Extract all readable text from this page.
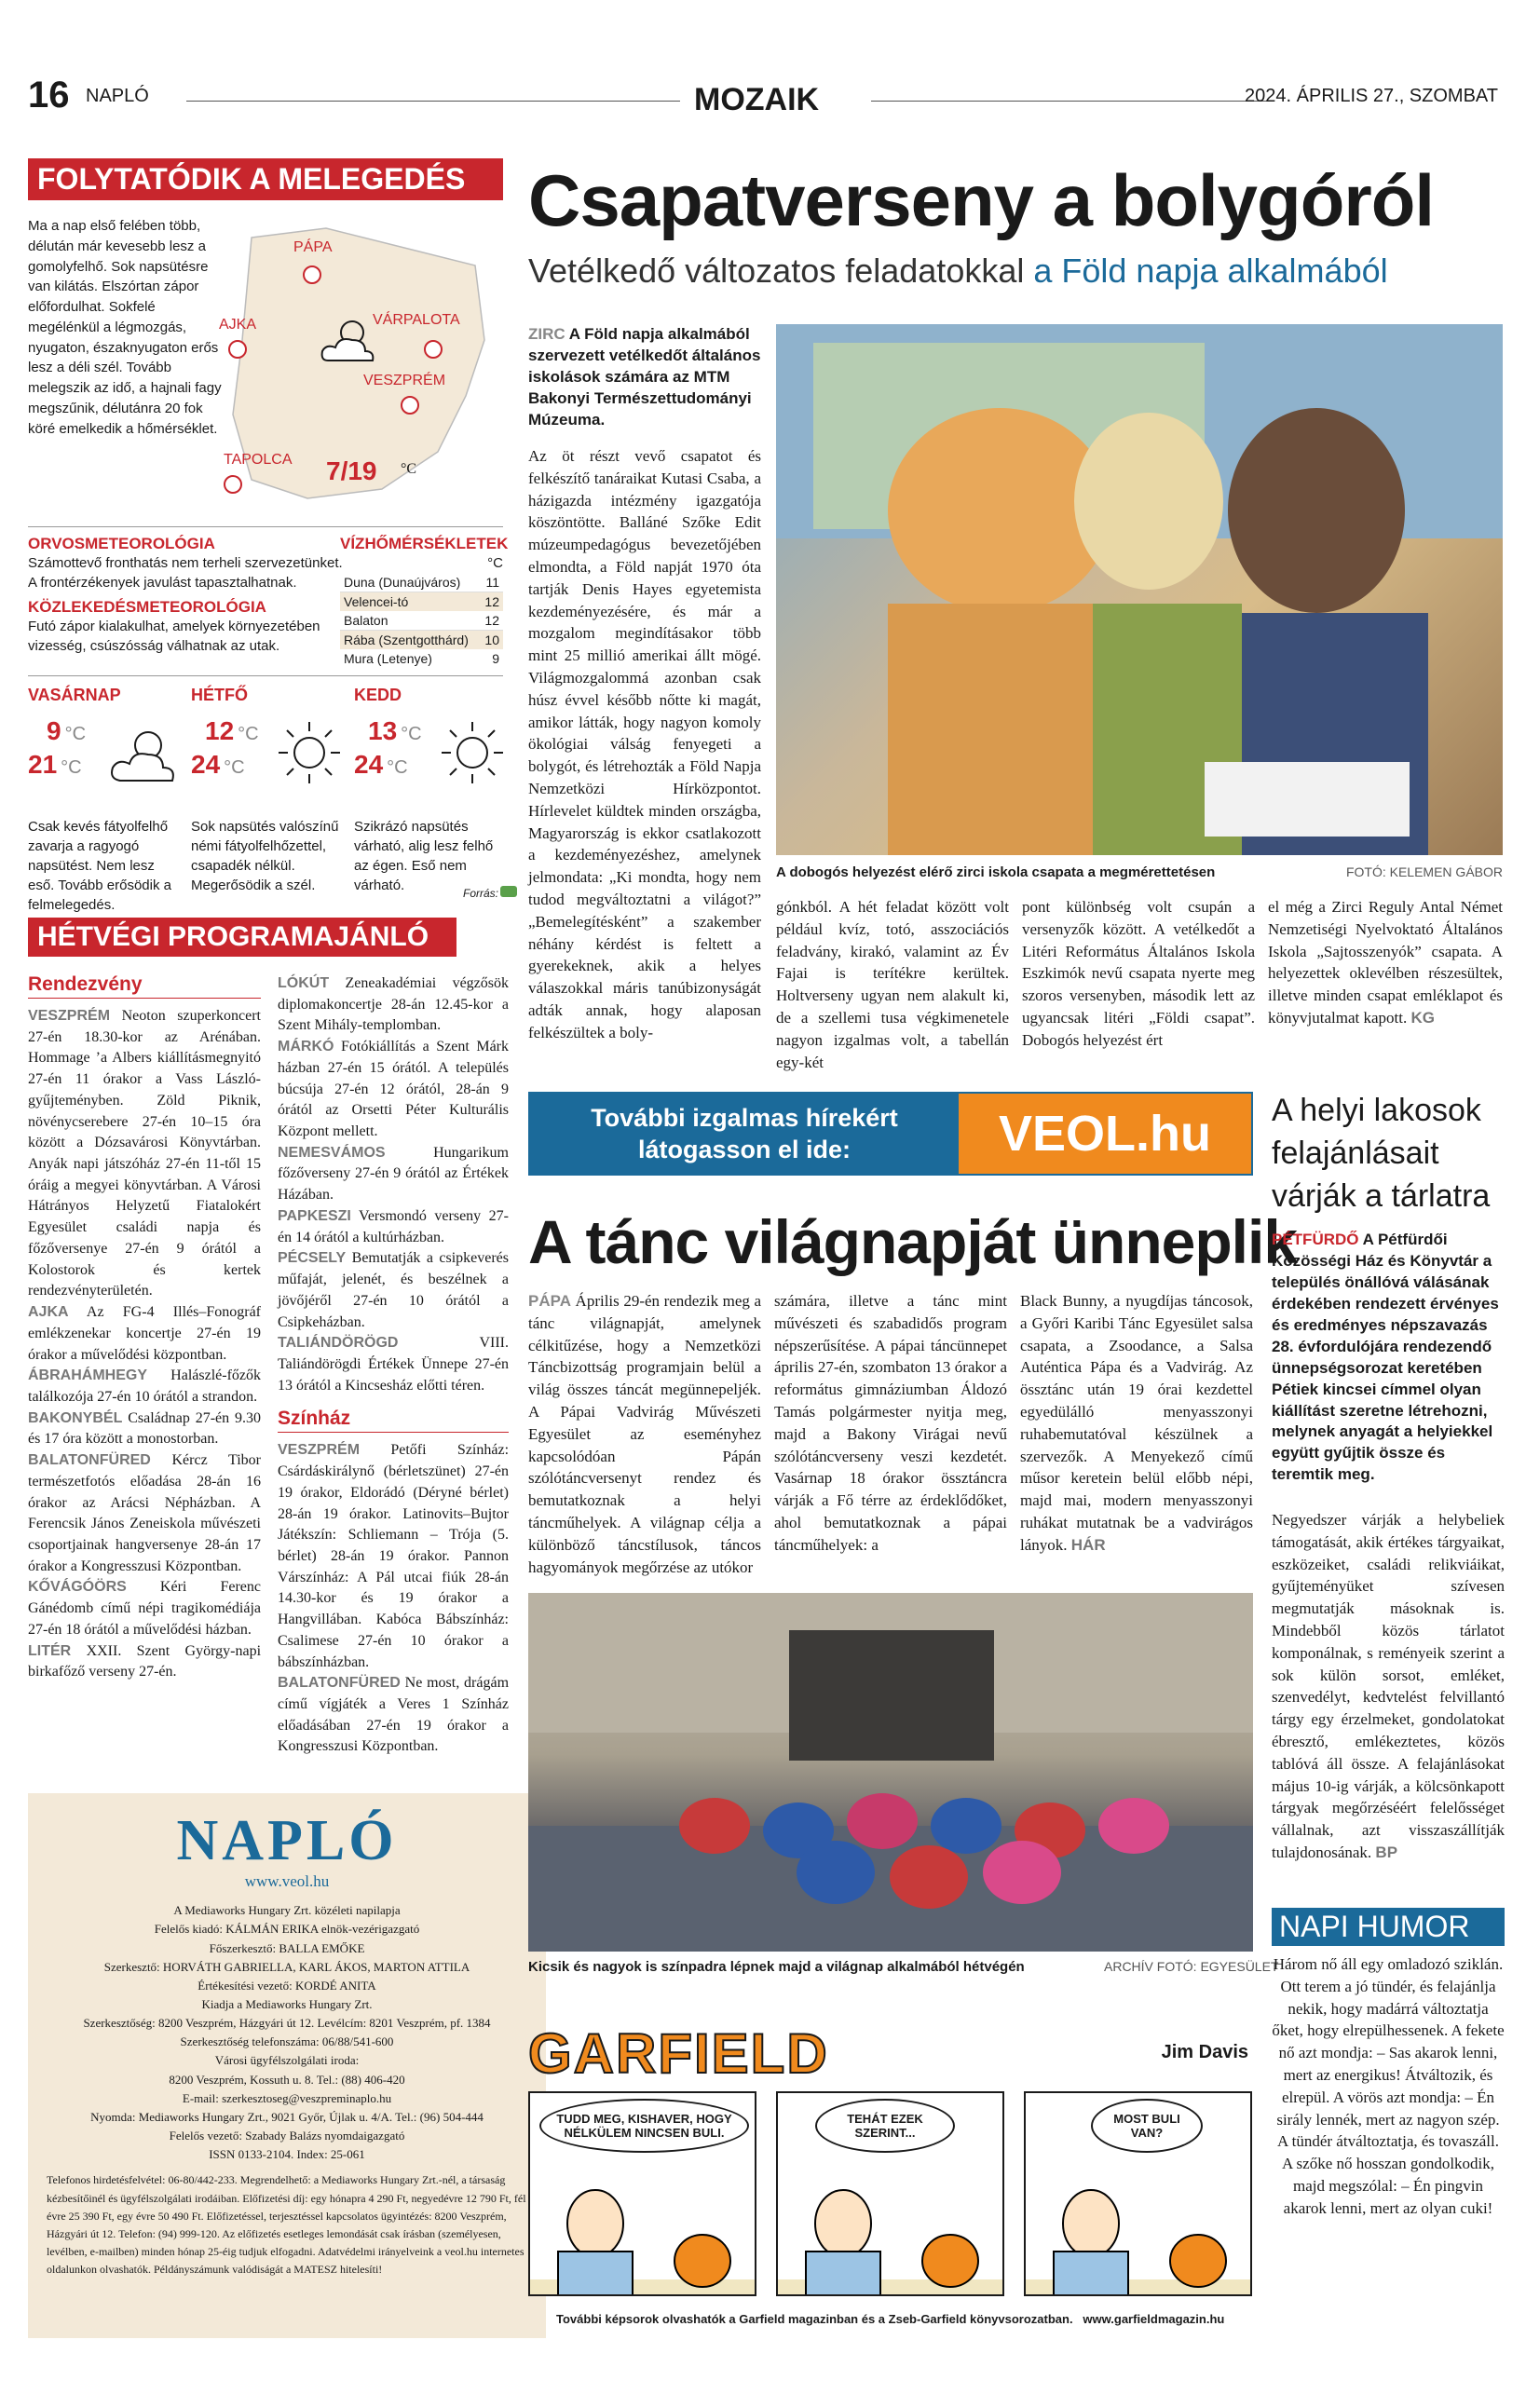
16 NAPLÓ	MOZAIK	2024. ÁPRILIS 27., SZOMBAT
FOLYTATÓDIK A MELEGEDÉS

Ma a nap első felében több, délután már kevesebb lesz a gomolyfelhő. Sok napsütésre van kilátás. Elszórtan zápor előfordulhat. Sokfelé megélénkül a légmozgás, nyugaton, északnyugaton erős lesz a déli szél. Tovább melegszik az idő, a hajnali fagy megszűnik, délutánra 20 fok köré emelkedik a hőmérséklet.

PÁPA
AJKA	VÁRPALOTA
VESZPRÉM
TAPOLCA 7/19 °C
ORVOSMETEOROLÓGIA

Számottevő fronthatás nem terheli szervezetünket. A frontérzékenyek javulást tapasztalhatnak.

KÖZLEKEDÉSMETEOROLÓGIA

Futó zápor kialakulhat, amelyek környezetében vizesség, csúszósság válhatnak az utak.

VÍZHŐMÉRSÉKLETEK
°C
Duna (Dunaújváros)	11
Velencei-tó	12
Balaton	12
Rába (Szentgotthárd)	10
Mura (Letenye)	9
VASÁRNAP
9 °C
21 °C

Csak kevés fátyolfelhő zavarja a ragyogó napsütést. Nem lesz eső. Tovább erősödik a felmelegedés.

HÉTFŐ
12 °C
24 °C

Sok napsütés valószínű némi fátyolfelhőzettel, csapadék nélkül. Megerősödik a szél.

KEDD
13 °C
24 °C

Szikrázó napsütés várható, alig lesz felhő az égen. Eső nem várható.	Forrás:
HÉTVÉGI PROGRAMAJÁNLÓ
Rendezvény

VESZPRÉM Neoton szuperkoncert 27-én 18.30-kor az Arénában. Hommage ’a Albers kiállításmegnyitó 27-én 11 órakor a Vass László-gyűjteményben. Zöld Piknik, növénycserebere 27-én 10–15 óra között a Dózsavárosi Könyvtárban. Anyák napi játszóház 27-én 11-től 15 óráig a megyei könyvtárban. A Városi Hátrányos Helyzetű Fiatalokért Egyesület családi napja és főzőversenye 27-én 9 órától a Kolostorok és kertek rendezvényterületén.

AJKA Az FG-4 Illés–Fonográf emlékzenekar koncertje 27-én 19 órakor a művelődési központban.

ÁBRAHÁMHEGY Halászlé-főzők találkozója 27-én 10 órától a strandon.

BAKONYBÉL Családnap 27-én 9.30 és 17 óra között a monostorban.

BALATONFÜRED Kércz Tibor természetfotós előadása 28-án 16 órakor az Arácsi Népházban. A Ferencsik János Zeneiskola művészeti csoportjainak hangversenye 28-án 17 órakor a Kongresszusi Központban.

KŐVÁGÓÖRS Kéri Ferenc Gánédomb című népi tragikomédiája 27-én 18 órától a művelődési házban.

LITÉR XXII. Szent György-napi birkafőző verseny 27-én.

LÓKÚT Zeneakadémiai végzősök diplomakoncertje 28-án 12.45-kor a Szent Mihály-templomban.

MÁRKÓ Fotókiállítás a Szent Márk házban 27-én 15 órától. A település búcsúja 27-én 12 órától, 28-án 9 órától az Orsetti Péter Kulturális Központ mellett.

NEMESVÁMOS	Hungarikum főzőverseny 27-én 9 órától az Értékek Házában.

PAPKESZI Versmondó verseny 27-én 14 órától a kultúrházban.

PÉCSELY Bemutatják a csipkeverés műfaját, jelenét, és beszélnek a jövőjéről 27-én 10 órától a Csipkeházban.

TALIÁNDÖRÖGD	VIII. Taliándörögdi Értékek Ünnepe 27-én 13 órától a Kincsesház előtti téren.

Színház

VESZPRÉM Petőfi Színház: Csárdáskirálynő (bérletszünet) 27-én 19 órakor, Eldorádó (Déryné bérlet) 28-án 19 órakor. Latinovits–Bujtor Játékszín: Schliemann – Trója (5. bérlet) 28-án 19 órakor. Pannon Várszínház: A Pál utcai fiúk 28-án 14.30-kor és 19 órakor a Hangvillában. Kabóca Bábszínház: Csalimese 27-én 10 órakor a bábszínházban.

BALATONFÜRED Ne most, drágám című vígjáték a Veres 1 Színház előadásában 27-én 19 órakor a Kongresszusi Központban.

NAPLÓ
www.veol.hu
A Mediaworks Hungary Zrt. közéleti napilapja
Felelős kiadó: KÁLMÁN ERIKA elnök-vezérigazgató
Főszerkesztő: BALLA EMŐKE
Szerkesztő: HORVÁTH GABRIELLA, KARL ÁKOS, MARTON ATTILA
Értékesítési vezető: KORDÉ ANITA
Kiadja a Mediaworks Hungary Zrt.
Szerkesztőség: 8200 Veszprém, Házgyári út 12. Levélcím: 8201 Veszprém, pf. 1384
Szerkesztőség telefonszáma: 06/88/541-600
Városi ügyfélszolgálati iroda:
8200 Veszprém, Kossuth u. 8. Tel.: (88) 406-420
E-mail: szerkesztoseg@veszpreminaplo.hu
Nyomda: Mediaworks Hungary Zrt., 9021 Győr, Újlak u. 4/A. Tel.: (96) 504-444
Felelős vezető: Szabady Balázs nyomdaigazgató
ISSN 0133-2104. Index: 25-061

Telefonos hirdetésfelvétel: 06-80/442-233. Megrendelhető: a Mediaworks Hungary Zrt.-nél, a társaság kézbesítőinél és ügyfélszolgálati irodáiban. Előfizetési díj: egy hónapra 4 290 Ft, negyedévre 12 790 Ft, fél évre 25 390 Ft, egy évre 50 490 Ft. Előfizetéssel, terjesztéssel kapcsolatos ügyintézés: 8200 Veszprém, Házgyári út 12. Telefon: (94) 999-120. Az előfizetés esetleges lemondását csak írásban (személyesen, levélben, e-mailben) minden hónap 25-éig tudjuk elfogadni. Adatvédelmi irányelveink a veol.hu internetes oldalunkon olvashatók. Példányszámunk valódiságát a MATESZ hitelesíti!

Csapatverseny a bolygóról
Vetélkedő változatos feladatokkal a Föld napja alkalmából

ZIRC A Föld napja alkalmából szervezett vetélkedőt általános iskolások számára az MTM Bakonyi Természettudományi Múzeuma.

Az öt részt vevő csapatot és felkészítő tanáraikat Kutasi Csaba, a házigazda intézmény igazgatója köszöntötte. Balláné Szőke Edit múzeumpedagógus bevezetőjében elmondta, a Föld napját 1970 óta tartják Denis Hayes egyetemista kezdeményezésére, és már a mozgalom megindításakor több mint 25 millió amerikai állt mögé. Világmozgalommá azonban csak húsz évvel később nőtte ki magát, amikor látták, hogy nagyon komoly ökológiai válság fenyegeti a bolygót, és létrehozták a Föld Napja Nemzetközi Hírközpontot. Hírlevelet küldtek minden országba, Magyarország is ekkor csatlakozott a kezdeményezéshez, amelynek jelmondata: „Ki mondta, hogy nem tudod megváltoztatni a világot?” „Bemelegítésként” a szakember néhány kérdést is feltett a gyerekeknek, akik a helyes válaszokkal máris tanúbizonyságát adták annak, hogy alaposan felkészültek a boly-

A dobogós helyezést elérő zirci iskola csapata a megmérettetésen	FOTÓ: KELEMEN GÁBOR

gónkból. A hét feladat között volt például kvíz, totó, asszociációs feladvány, kirakó, valamint az Év Fajai is terítékre kerültek. Holtverseny ugyan nem alakult ki, de a szellemi tusa végkimenetele nagyon izgalmas volt, a tabellán egy-két

pont különbség volt csupán a versenyzők között. A vetélkedőt a Litéri Református Általános Iskola Eszkimók nevű csapata nyerte meg szoros versenyben, második lett az ugyancsak litéri „Földi csapat”. Dobogós helyezést ért

el még a Zirci Reguly Antal Német Nemzetiségi Nyelvoktató Általános Iskola „Sajtosszenyók” csapata. A helyezettek oklevélben részesültek, illetve minden csapat emléklapot és könyvjutalmat kapott. KG

További izgalmas hírekért
látogasson el ide:	VEOL.hu
A tánc világnapját ünneplik

PÁPA Április 29-én rendezik meg a tánc világnapját, amelynek célkitűzése, hogy a Nemzetközi Táncbizottság programjain belül a világ összes táncát megünnepeljék. A Pápai Vadvirág Művészeti Egyesület az eseményhez kapcsolódóan Pápán szólótáncversenyt rendez és bemutatkoznak a helyi táncműhelyek. A világnap célja a különböző táncstílusok, táncos hagyományok megőrzése az utókor

számára, illetve a tánc mint művészeti és szabadidős program népszerűsítése. A pápai táncünnepet április 27-én, szombaton 13 órakor a református gimnáziumban Áldozó Tamás polgármester nyitja meg, majd a Bakony Virágai nevű szólótáncverseny veszi kezdetét. Vasárnap 18 órakor össztáncra várják a Fő térre az érdeklődőket, ahol bemutatkoznak a pápai táncműhelyek: a

Black Bunny, a nyugdíjas táncosok, a Győri Karibi Tánc Egyesület salsa csapata, a Zsoodance, a Salsa Auténtica Pápa és a Vadvirág. Az össztánc után 19 órai kezdettel egyedülálló menyasszonyi ruhabemutatóval készülnek a szervezők. A Menyekező című műsor keretein belül előbb népi, majd mai, modern menyasszonyi ruhákat mutatnak be a vadvirágos lányok. HÁR

Kicsik és nagyok is színpadra lépnek majd a világnap alkalmából hétvégén	ARCHÍV FOTÓ: EGYESÜLET
GARFIELD	Jim Davis
TUDD MEG, KISHAVER, HOGY NÉLKÜLEM NINCSEN BULI.
TEHÁT EZEK SZERINT...
MOST BULI VAN?
További képsorok olvashatók a Garfield magazinban és a Zseb-Garfield könyvsorozatban.   www.garfieldmagazin.hu
A helyi lakosok felajánlásait várják a tárlatra

PÉTFÜRDŐ A Pétfürdői Közösségi Ház és Könyvtár a település önállóvá válásának érdekében rendezett érvényes és eredményes népszavazás 28. évfordulójára rendezendő ünnepségsorozat keretében Pétiek kincsei címmel olyan kiállítást szeretne létrehozni, melynek anyagát a helyiekkel együtt gyűjtik össze és teremtik meg.

Negyedszer várják a helybeliek támogatását, akik értékes tárgyaikat, eszközeiket, családi relikviáikat, gyűjteményüket szívesen megmutatják másoknak is. Mindebből közös tárlatot komponálnak, s reményeik szerint a sok külön sorsot, emléket, szenvedélyt, kedvtelést felvillantó tárgy egy érzelmeket, gondolatokat ébresztő, emlékeztetes, közös tablóvá áll össze. A felajánlásokat május 10-ig várják, a kölcsönkapott tárgyak megőrzéséért felelősséget vállalnak, azt visszaszállítják tulajdonosának. BP

NAPI HUMOR

Három nő áll egy omladozó sziklán. Ott terem a jó tündér, és felajánlja nekik, hogy madárrá változtatja őket, hogy elrepülhessenek. A fekete nő azt mondja: – Sas akarok lenni, mert az energikus! Átváltozik, és elrepül. A vörös azt mondja: – Én sirály lennék, mert az nagyon szép. A tündér átváltoztatja, és tovaszáll. A szőke nő hosszan gondolkodik, majd megszólal: – Én pingvin akarok lenni, mert az olyan cuki!
